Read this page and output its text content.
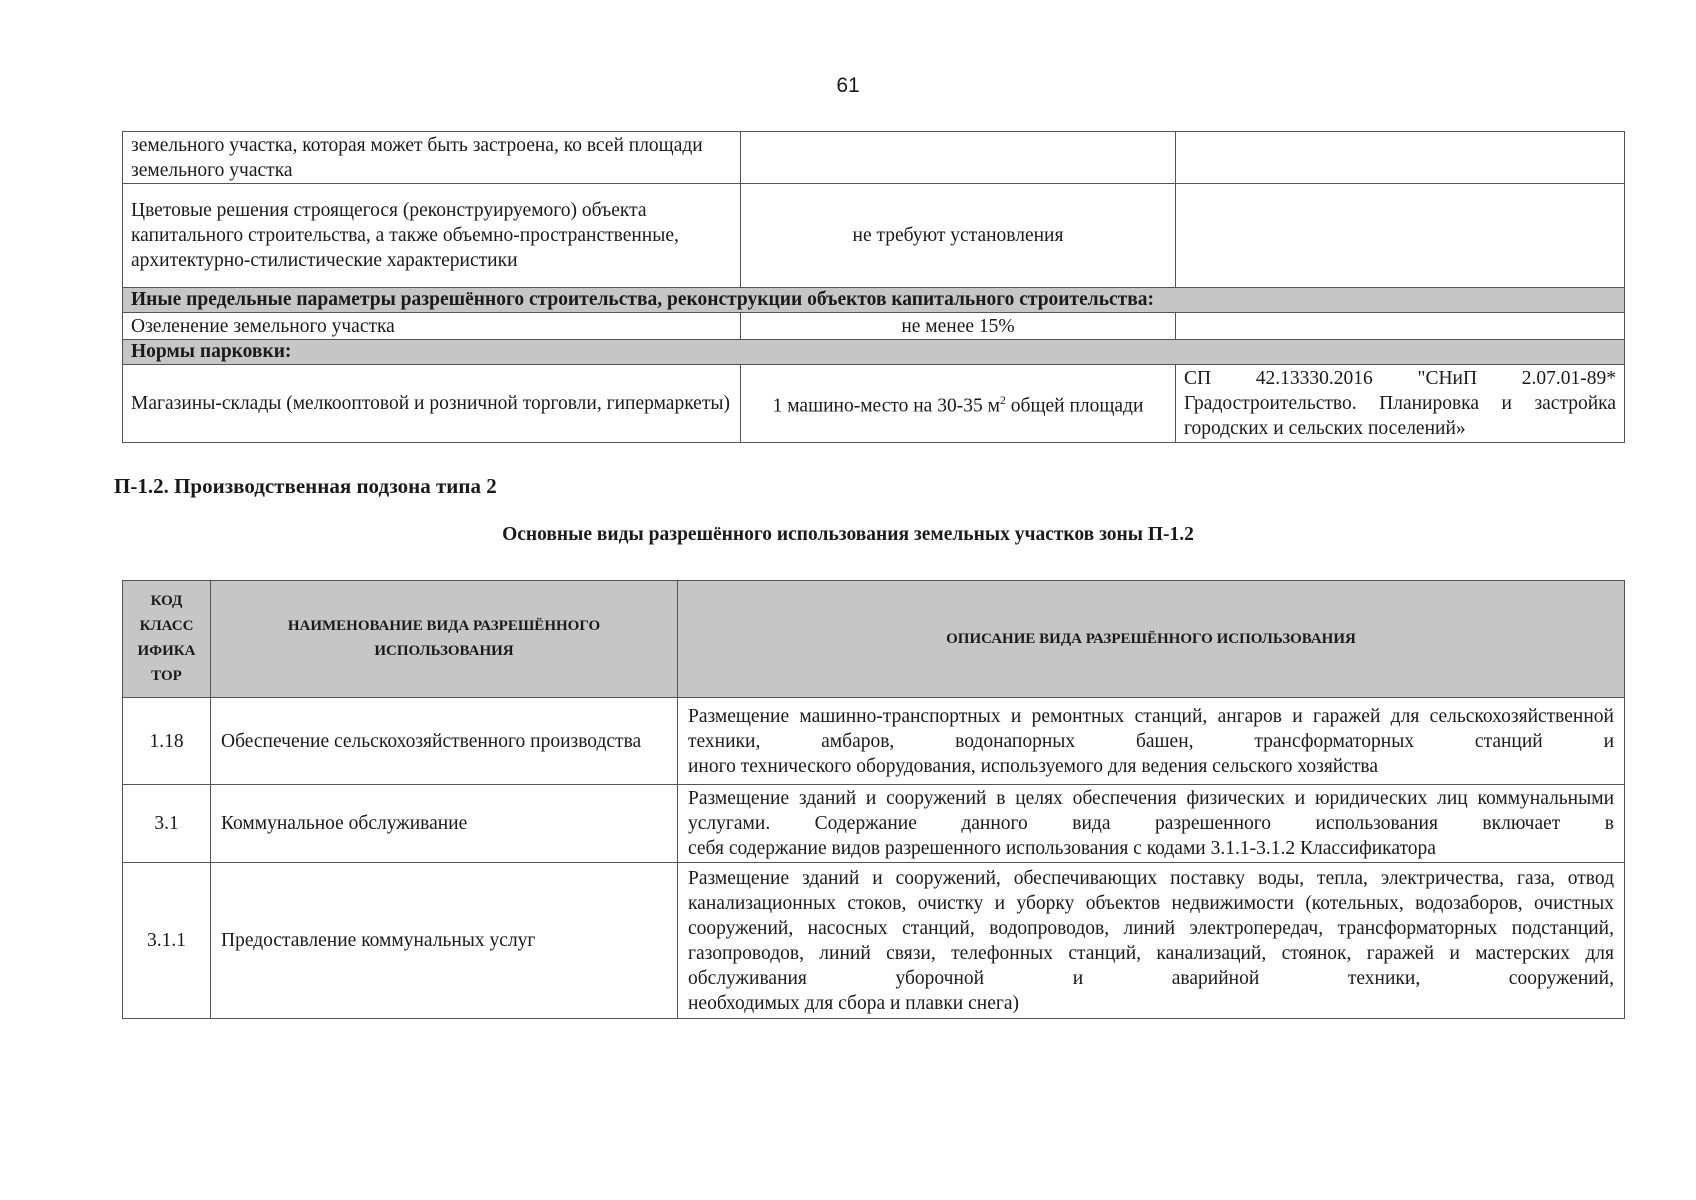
61
земельного участка, которая может быть застроена, ко всей площади земельного участка		
Цветовые решения строящегося (реконструируемого) объекта капитального строительства, а также объемно-пространственные, архитектурно-стилистические характеристики	не требуют установления	
Иные предельные параметры разрешённого строительства, реконструкции объектов капитального строительства:		
Озеленение земельного участка	не менее 15%	
Нормы парковки:		
Магазины-склады (мелкооптовой и розничной торговли, гипермаркеты)	1 машино-место на 30-35 $м^2$ общей площади	СП 42.13330.2016 "СНиП 2.07.01-89* Градостроительство. Планировка и застройка
городских и сельских поселений»
П-1.2. Производственная подзона типа 2
Основные виды разрешённого использования земельных участков зоны П-1.2
КОД КЛАСС ИФИКА ТОР	НАИМЕНОВАНИЕ ВИДА РАЗРЕШЁННОГО ИСПОЛЬЗОВАНИЯ	ОПИСАНИЕ ВИДА РАЗРЕШЁННОГО ИСПОЛЬЗОВАНИЯ
1.18	Обеспечение сельскохозяйственного производства	Размещение машинно-транспортных и ремонтных станций, ангаров и гаражей для сельскохозяйственной техники, амбаров, водонапорных башен, трансформаторных станций и
иного технического оборудования, используемого для ведения сельского хозяйства

3.1	Коммунальное обслуживание	Размещение зданий и сооружений в целях обеспечения физических и юридических лиц коммунальными услугами. Содержание данного вида разрешенного использования включает в
себя содержание видов разрешенного использования с кодами 3.1.1-3.1.2 Классификатора

3.1.1	Предоставление коммунальных услуг	Размещение зданий и сооружений, обеспечивающих поставку воды, тепла, электричества, газа, отвод канализационных стоков, очистку и уборку объектов недвижимости (котельных, водозаборов, очистных сооружений, насосных станций, водопроводов, линий электропередач, трансформаторных подстанций, газопроводов, линий связи, телефонных станций, канализаций, стоянок, гаражей и мастерских для обслуживания уборочной и аварийной техники, сооружений,
необходимых для сбора и плавки снега)
